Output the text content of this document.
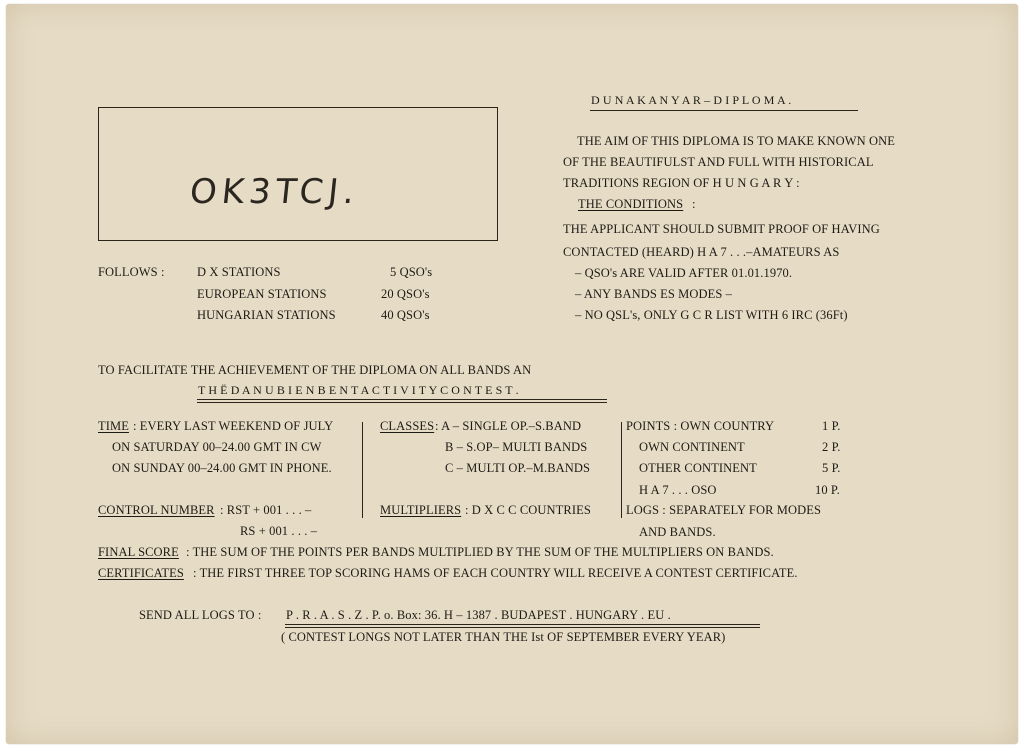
D U N A K A N Y A R – D I P L O M A .
THE AIM OF THIS DIPLOMA IS TO MAKE KNOWN ONE
OF THE BEAUTIFULST AND FULL WITH HISTORICAL
TRADITIONS REGION OF H U N G A R Y :
THE CONDITIONS :
THE APPLICANT SHOULD SUBMIT PROOF OF HAVING
CONTACTED (HEARD) H A 7 . . .–AMATEURS AS
– QSO's ARE VALID AFTER 01.01.1970.
– ANY BANDS ES MODES –
– NO QSL's, ONLY G C R LIST WITH 6 IRC (36Ft)
OK3TCJ.
FOLLOWS :	D X STATIONS	5 QSO's
EUROPEAN STATIONS	20 QSO's
HUNGARIAN STATIONS	40 QSO's
TO FACILITATE THE ACHIEVEMENT OF THE DIPLOMA ON ALL BANDS AN
T H Ë D A N U B I E N B E N T A C T I V I T Y C O N T E S T .
TIME : EVERY LAST WEEKEND OF JULY
ON SATURDAY 00–24.00 GMT IN CW
ON SUNDAY 00–24.00 GMT IN PHONE.
CLASSES : A – SINGLE OP.–S.BAND
B – S.OP– MULTI BANDS
C – MULTI OP.–M.BANDS
POINTS : OWN COUNTRY	1 P.
OWN CONTINENT	2 P.
OTHER CONTINENT	5 P.
H A 7 . . . OSO	10 P.
CONTROL NUMBER : RST + 001 . . . –
RS + 001 . . . –
MULTIPLIERS : D X C C COUNTRIES	LOGS : SEPARATELY FOR MODES
AND BANDS.
FINAL SCORE : THE SUM OF THE POINTS PER BANDS MULTIPLIED BY THE SUM OF THE MULTIPLIERS ON BANDS.
CERTIFICATES : THE FIRST THREE TOP SCORING HAMS OF EACH COUNTRY WILL RECEIVE A CONTEST CERTIFICATE.
SEND ALL LOGS TO : P . R . A . S . Z . P. o. Box: 36. H – 1387 . BUDAPEST . HUNGARY . EU .
( CONTEST LONGS NOT LATER THAN THE Ist OF SEPTEMBER EVERY YEAR)
